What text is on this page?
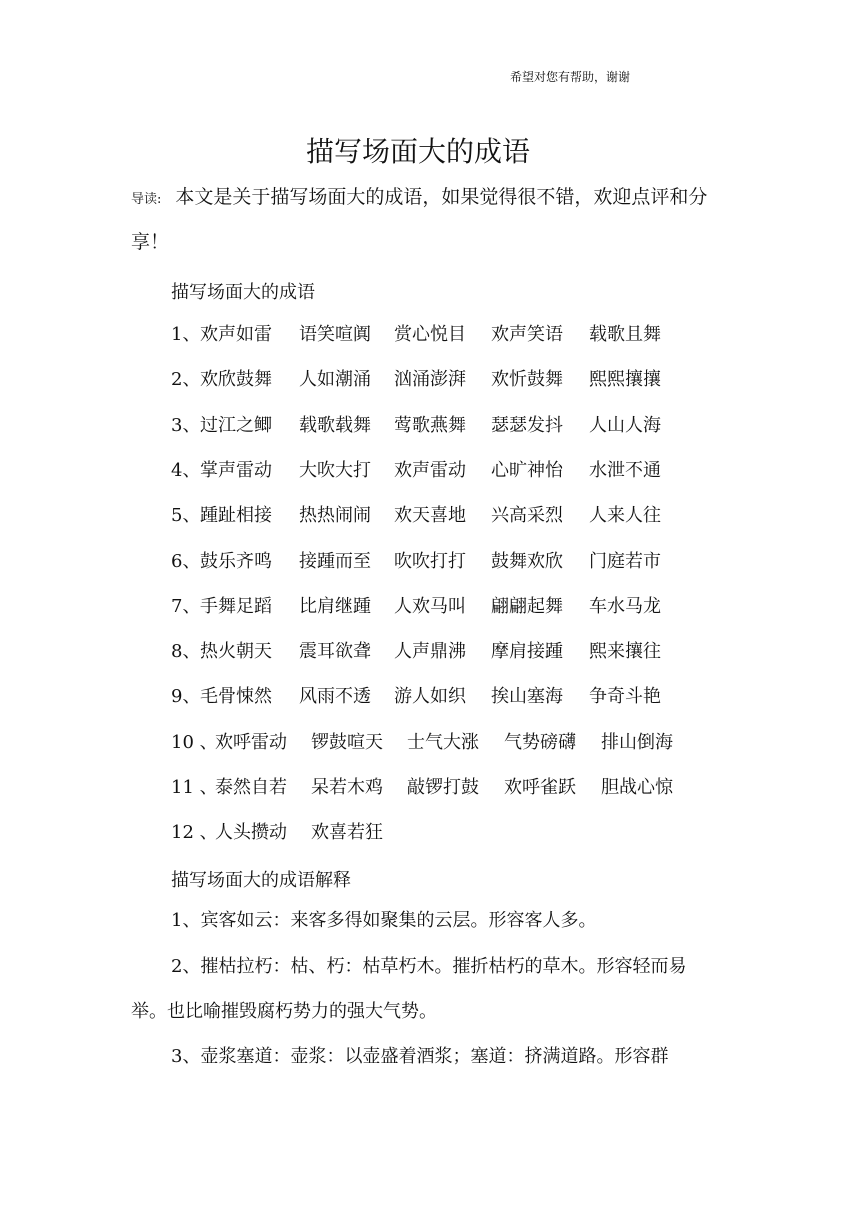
希望对您有帮助，谢谢
描写场面大的成语
导读: 本文是关于描写场面大的成语，如果觉得很不错，欢迎点评和分享！
描写场面大的成语
1、 欢声如雷 语笑喧阗 赏心悦目 欢声笑语 载歌且舞
2、 欢欣鼓舞 人如潮涌 汹涌澎湃 欢忻鼓舞 熙熙攘攘
3、 过江之鲫 载歌载舞 莺歌燕舞 瑟瑟发抖 人山人海
4、 掌声雷动 大吹大打 欢声雷动 心旷神怡 水泄不通
5、 踵趾相接 热热闹闹 欢天喜地 兴高采烈 人来人往
6、 鼓乐齐鸣 接踵而至 吹吹打打 鼓舞欢欣 门庭若市
7、 手舞足蹈 比肩继踵 人欢马叫 翩翩起舞 车水马龙
8、 热火朝天 震耳欲聋 人声鼎沸 摩肩接踵 熙来攘往
9、 毛骨悚然 风雨不透 游人如织 挨山塞海 争奇斗艳
10 、
欢呼雷动 锣鼓喧天 士气大涨 气势磅礴 排山倒海
11 、
泰然自若 呆若木鸡 敲锣打鼓 欢呼雀跃 胆战心惊
12 、
人头攒动 欢喜若狂
描写场面大的成语解释
1、宾客如云：来客多得如聚集的云层。形容客人多。
2、摧枯拉朽：枯、朽：枯草朽木。摧折枯朽的草木。形容轻而易举。也比喻摧毁腐朽势力的强大气势。
3、壶浆塞道：壶浆：以壶盛着酒浆；塞道：挤满道路。形容群
